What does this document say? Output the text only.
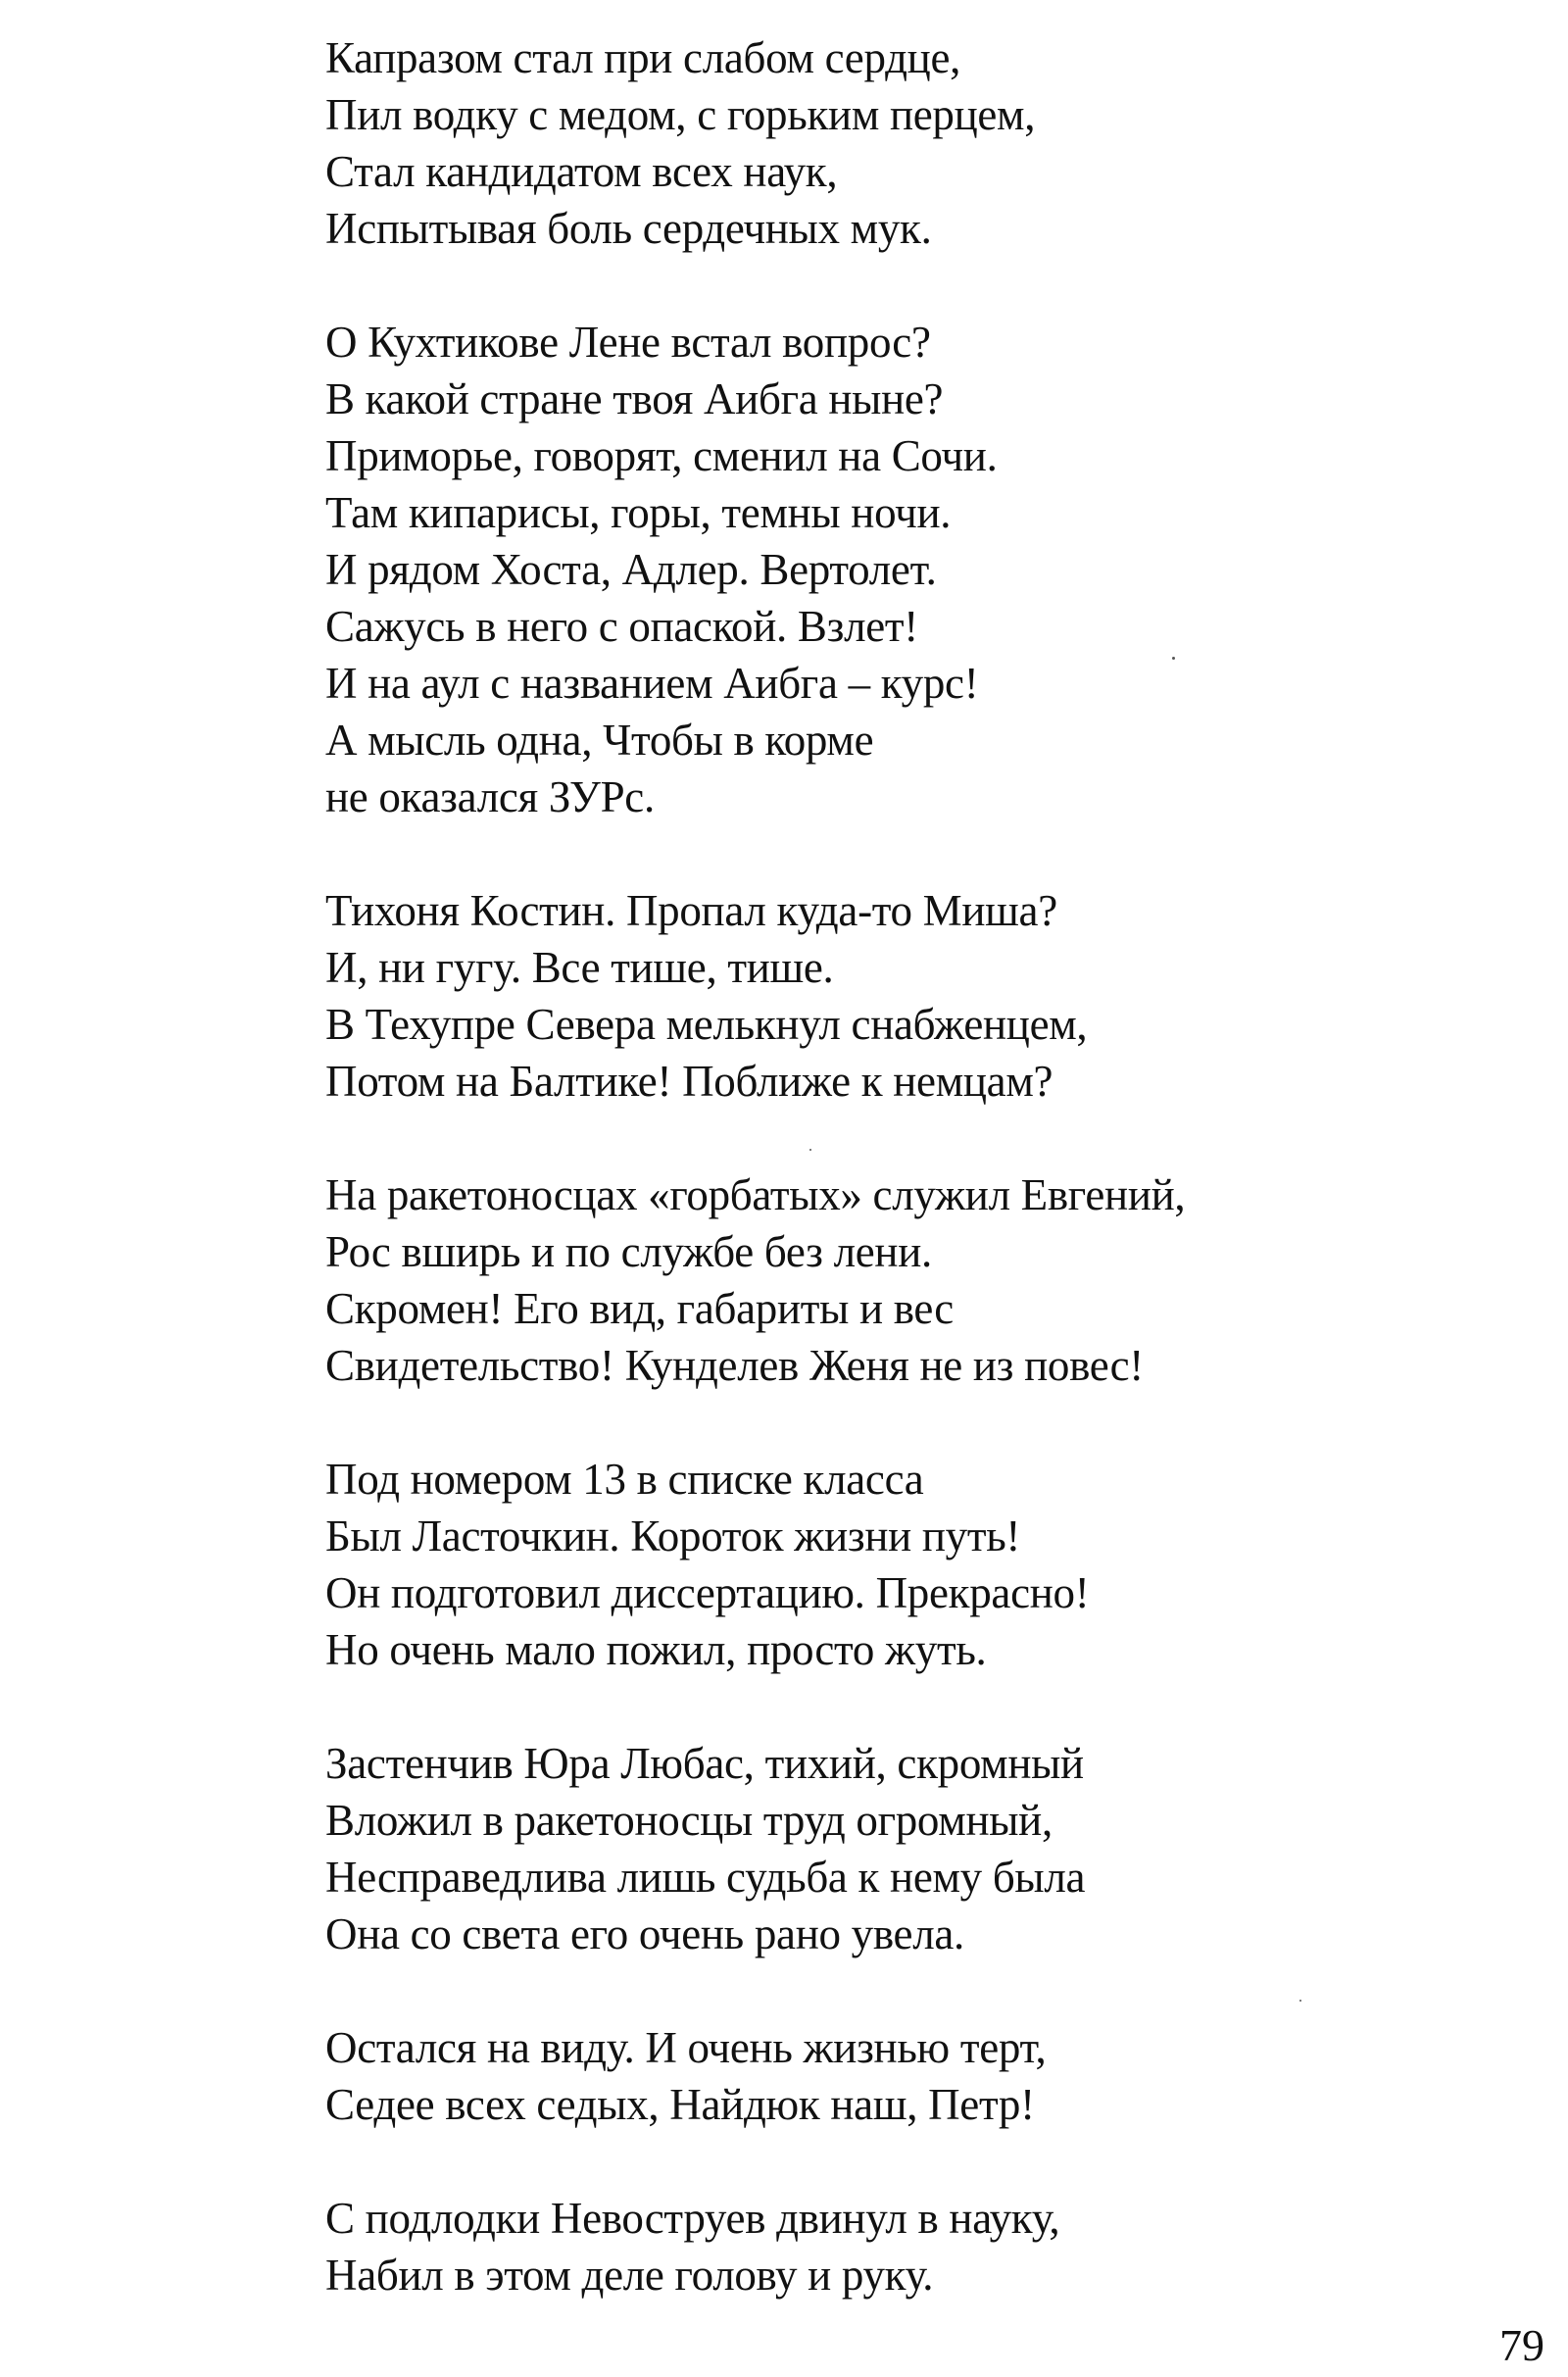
Капразом стал при слабом сердце,
Пил водку с медом, с горьким перцем,
Стал кандидатом всех наук,
Испытывая боль сердечных мук.
О Кухтикове Лене встал вопрос?
В какой стране твоя Аибга ныне?
Приморье, говорят, сменил на Сочи.
Там кипарисы, горы, темны ночи.
И рядом Хоста, Адлер. Вертолет.
Сажусь в него с опаской. Взлет!
И на аул с названием Аибга – курс!
А мысль одна, Чтобы в корме
не оказался ЗУРс.
Тихоня Костин. Пропал куда-то Миша?
И, ни гугу. Все тише, тише.
В Техупре Севера мелькнул снабженцем,
Потом на Балтике! Поближе к немцам?
На ракетоносцах «горбатых» служил Евгений,
Рос вширь и по службе без лени.
Скромен! Его вид, габариты и вес
Свидетельство! Кунделев Женя не из повес!
Под номером 13 в списке класса
Был Ласточкин. Короток жизни путь!
Он подготовил диссертацию. Прекрасно!
Но очень мало пожил, просто жуть.
Застенчив Юра Любас, тихий, скромный
Вложил в ракетоносцы труд огромный,
Несправедлива лишь судьба к нему была
Она со света его очень рано увела.
Остался на виду. И очень жизнью терт,
Седее всех седых, Найдюк наш, Петр!
С подлодки Невоструев двинул в науку,
Набил в этом деле голову и руку.
79
